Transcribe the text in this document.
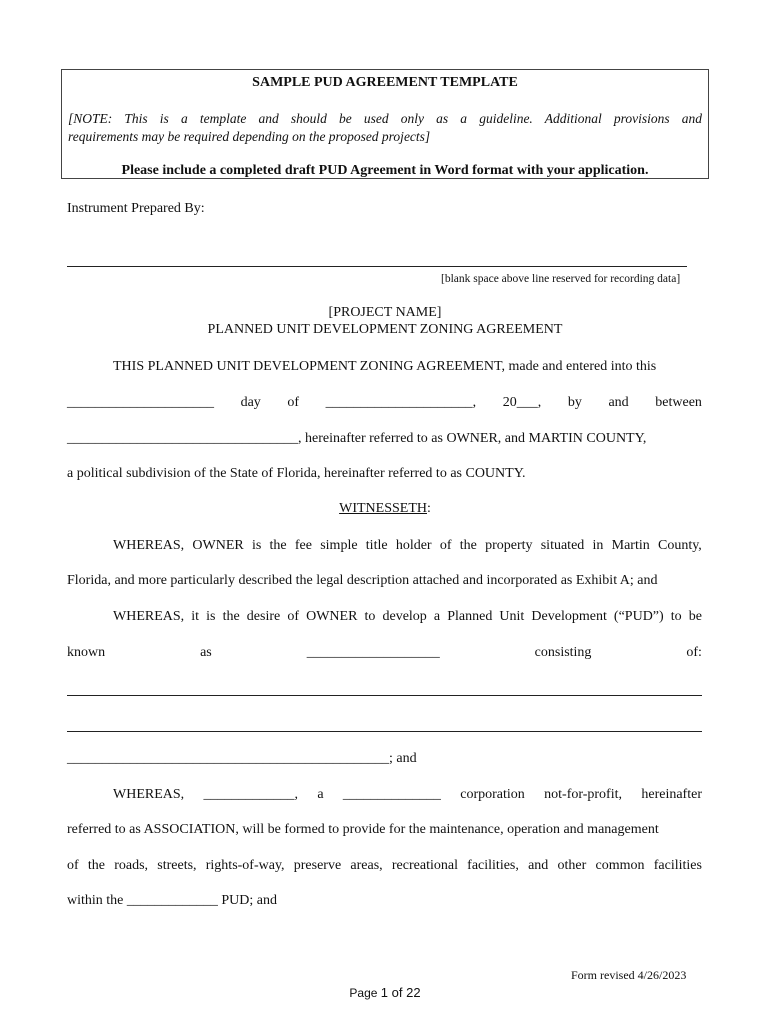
SAMPLE PUD AGREEMENT TEMPLATE
[NOTE: This is a template and should be used only as a guideline. Additional provisions and
requirements may be required depending on the proposed projects]
Please include a completed draft PUD Agreement in Word format with your application.
Instrument Prepared By:
[blank space above line reserved for recording data]
[PROJECT NAME]
PLANNED UNIT DEVELOPMENT ZONING AGREEMENT
THIS PLANNED UNIT DEVELOPMENT ZONING AGREEMENT, made and entered into this
_____________________ day of _____________________, 20___, by and between
_________________________________, hereinafter referred to as OWNER, and MARTIN COUNTY,
a political subdivision of the State of Florida, hereinafter referred to as COUNTY.
WITNESSETH:
WHEREAS, OWNER is the fee simple title holder of the property situated in Martin County,
Florida, and more particularly described the legal description attached and incorporated as Exhibit A; and
WHEREAS, it is the desire of OWNER to develop a Planned Unit Development (“PUD”) to be
known	as	___________________	consisting	of:
______________________________________________; and
WHEREAS, _____________, a ______________ corporation not-for-profit, hereinafter
referred to as ASSOCIATION, will be formed to provide for the maintenance, operation and management
of the roads, streets, rights-of-way, preserve areas, recreational facilities, and other common facilities
within the _____________ PUD; and
Form revised 4/26/2023
Page 1 of 22
